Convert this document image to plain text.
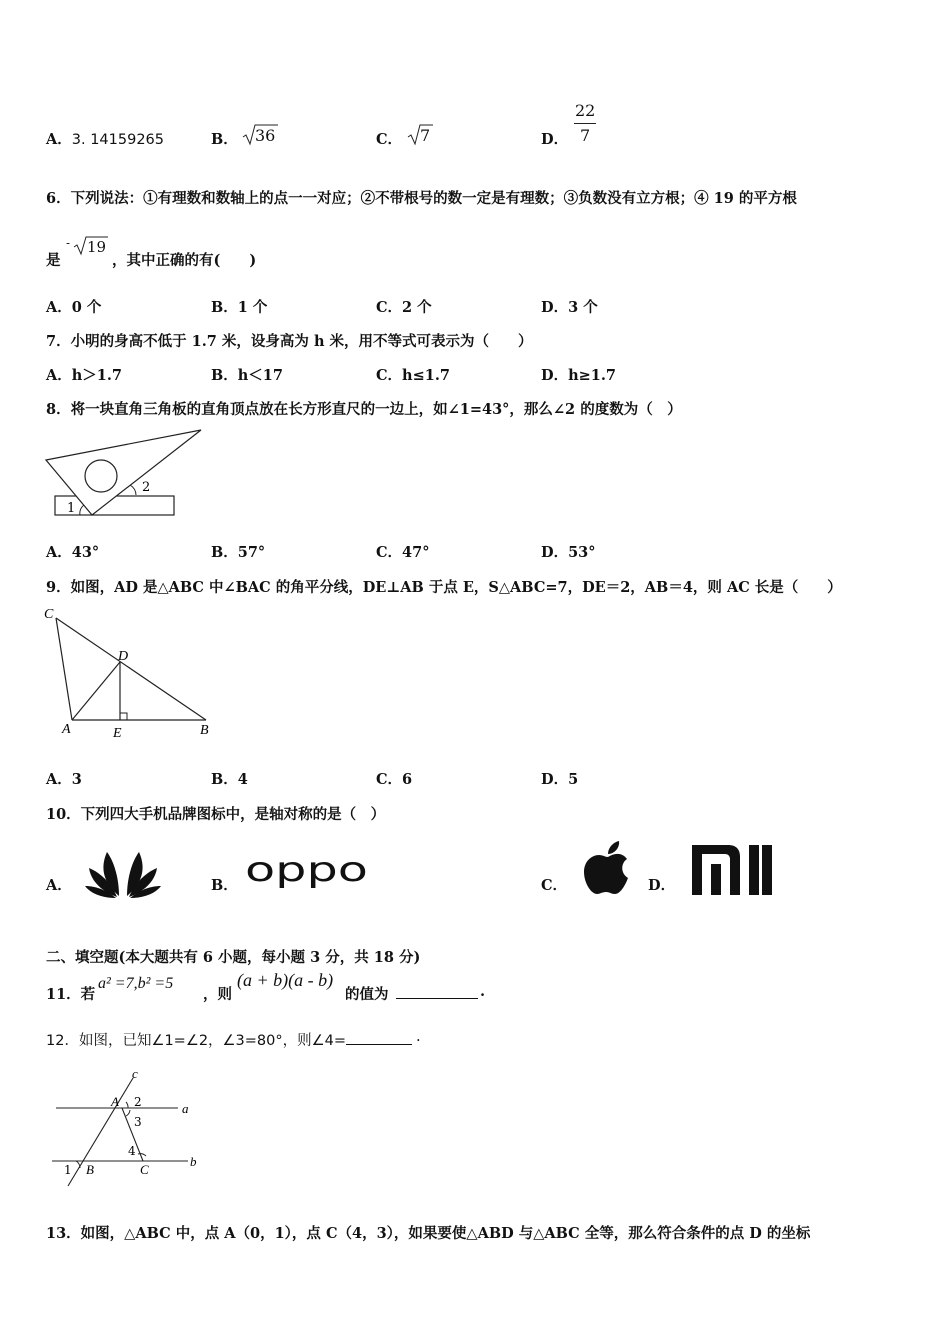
A．3. 14159265	B． 36	C． 7	D．
22
7
6．下列说法：①有理数和数轴上的点一一对应；②不带根号的数一定是有理数；③负数没有立方根；④ 19 的平方根
是
- 19
，其中正确的有(　　)
A．0 个	B．1 个	C．2 个	D．3 个
7．小明的身高不低于 1.7 米，设身高为 h 米，用不等式可表示为（　　）
A．h＞1.7	B．h＜17	C．h≤1.7	D．h≥1.7
8．将一块直角三角板的直角顶点放在长方形直尺的一边上，如∠1=43°，那么∠2 的度数为（　）
1
2
A．43°	B．57°	C．47°	D．53°
9．如图，AD 是△ABC 中∠BAC 的角平分线，DE⊥AB 于点 E，S△ABC=7，DE＝2，AB＝4，则 AC 长是（　　）
C
D
A	E	B
A．3	B．4	C．6	D．5
10．下列四大手机品牌图标中，是轴对称的是（　）
A．	B． oppo	C．	D．
二、填空题(本大题共有 6 小题，每小题 3 分，共 18 分)
11．若
a² =7,b² =5
，则
(a + b)(a - b)
的值为	.
12．如图，已知∠1=∠2，∠3=80°，则∠4=	.
c
A 2	a
3
4
1 B	C
b
13．如图，△ABC 中，点 A（0，1），点 C（4，3），如果要使△ABD 与△ABC 全等，那么符合条件的点 D 的坐标
